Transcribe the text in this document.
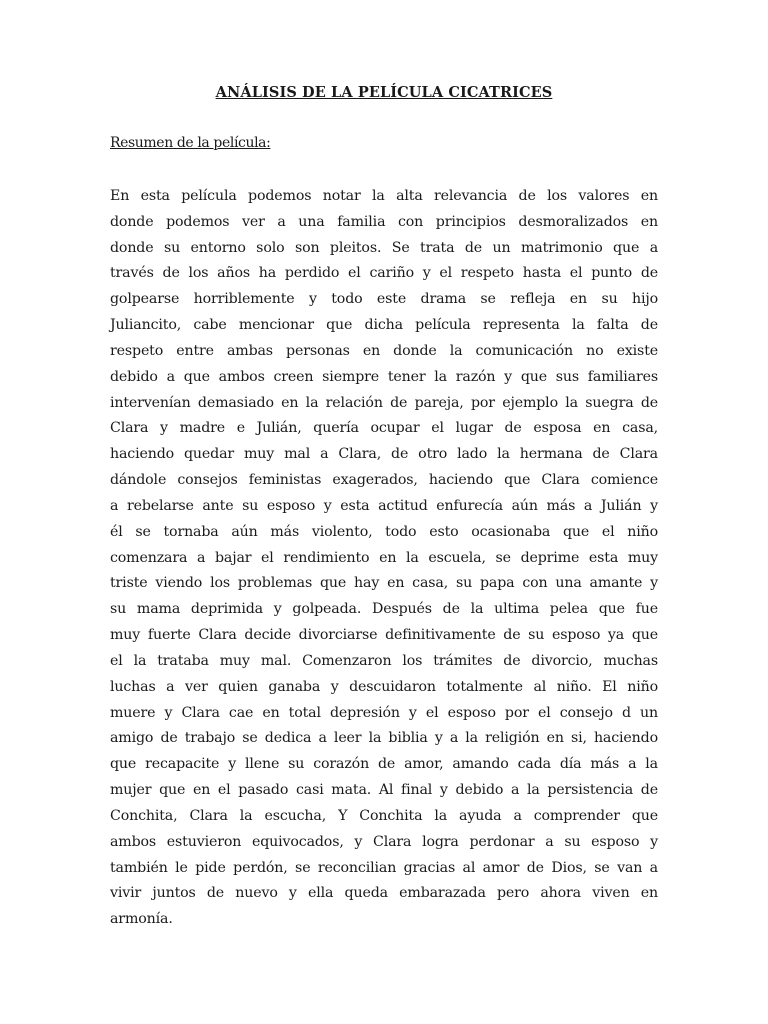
ANÁLISIS DE LA PELÍCULA CICATRICES

Resumen de la película:

En esta película podemos notar la alta relevancia de los valores en
donde podemos ver a una familia con principios desmoralizados en
donde su entorno solo son pleitos. Se trata de un matrimonio que a
través de los años ha perdido el cariño y el respeto hasta el punto de
golpearse horriblemente y todo este drama se refleja en su hijo
Juliancito, cabe mencionar que dicha película representa la falta de
respeto entre ambas personas en donde la comunicación no existe
debido a que ambos creen siempre tener la razón y que sus familiares
intervenían demasiado en la relación de pareja, por ejemplo la suegra de
Clara y madre e Julián, quería ocupar el lugar de esposa en casa,
haciendo quedar muy mal a Clara, de otro lado la hermana de Clara
dándole consejos feministas exagerados, haciendo que Clara comience
a rebelarse ante su esposo y esta actitud enfurecía aún más a Julián y
él se tornaba aún más violento, todo esto ocasionaba que el niño
comenzara a bajar el rendimiento en la escuela, se deprime esta muy
triste viendo los problemas que hay en casa, su papa con una amante y
su mama deprimida y golpeada. Después de la ultima pelea que fue
muy fuerte Clara decide divorciarse definitivamente de su esposo ya que
el la trataba muy mal. Comenzaron los trámites de divorcio, muchas
luchas a ver quien ganaba y descuidaron totalmente al niño. El niño
muere y Clara cae en total depresión y el esposo por el consejo d un
amigo de trabajo se dedica a leer la biblia y a la religión en si, haciendo
que recapacite y llene su corazón de amor, amando cada día más a la
mujer que en el pasado casi mata. Al final y debido a la persistencia de
Conchita, Clara la escucha, Y Conchita la ayuda a comprender que
ambos estuvieron equivocados, y Clara logra perdonar a su esposo y
también le pide perdón, se reconcilian gracias al amor de Dios, se van a
vivir juntos de nuevo y ella queda embarazada pero ahora viven en
armonía.
